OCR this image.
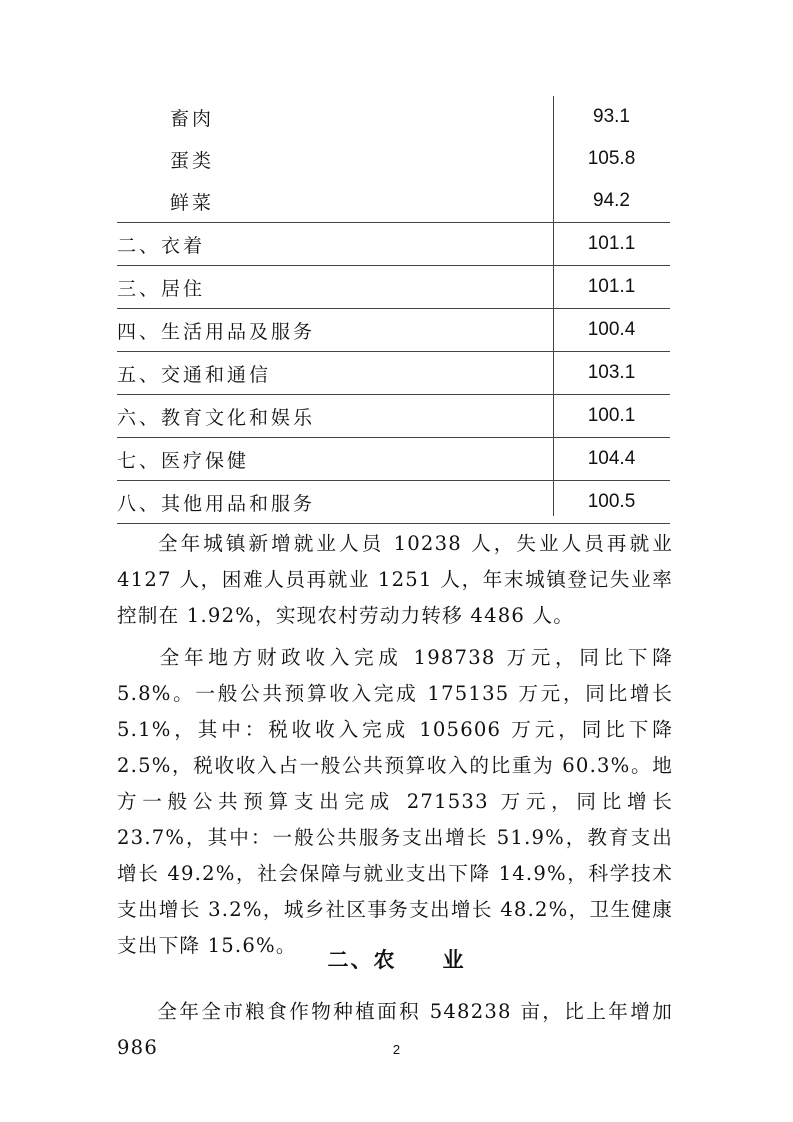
畜肉	93.1
蛋类	105.8
鲜菜	94.2
二、衣着	101.1
三、居住	101.1
四、生活用品及服务	100.4
五、交通和通信	103.1
六、教育文化和娱乐	100.1
七、医疗保健	104.4
八、其他用品和服务	100.5

全年城镇新增就业人员 10238 人，失业人员再就业 4127 人，困难人员再就业 1251 人，年末城镇登记失业率控制在 1.92%，实现农村劳动力转移 4486 人。

全年地方财政收入完成 198738 万元，同比下降 5.8%。一般公共预算收入完成 175135 万元，同比增长 5.1%，其中：税收收入完成 105606 万元，同比下降 2.5%，税收收入占一般公共预算收入的比重为 60.3%。地方一般公共预算支出完成 271533 万元，同比增长 23.7%，其中：一般公共服务支出增长 51.9%，教育支出增长 49.2%，社会保障与就业支出下降 14.9%，科学技术支出增长 3.2%，城乡社区事务支出增长 48.2%，卫生健康支出下降 15.6%。

二、农　　业

全年全市粮食作物种植面积 548238 亩，比上年增加 986	2
